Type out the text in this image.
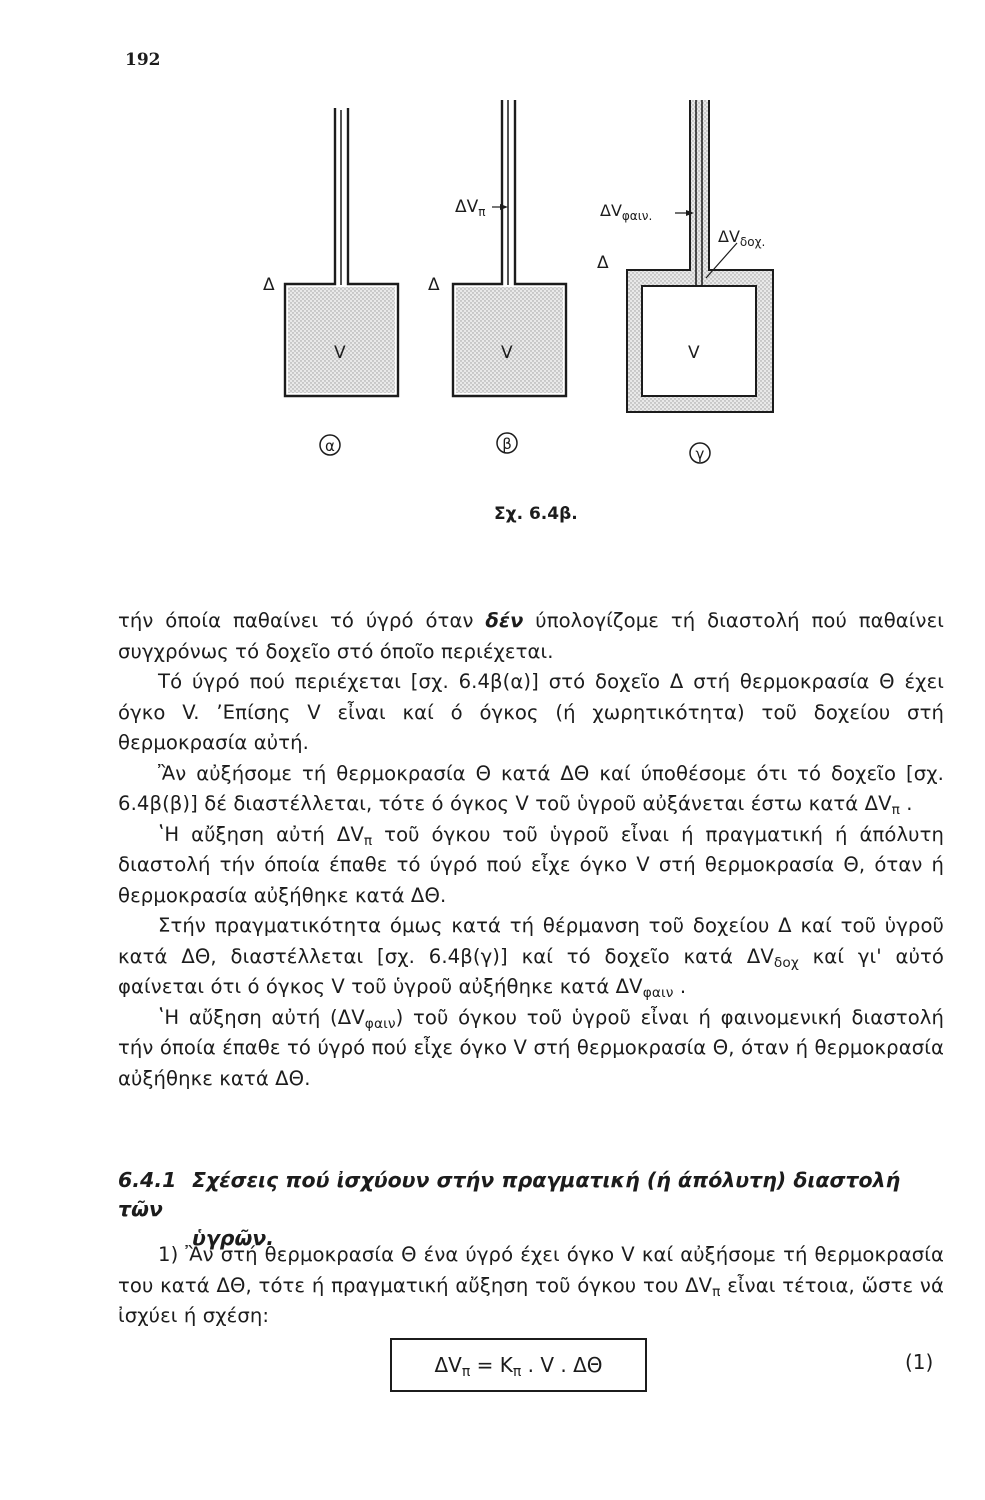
192
Δ
V
α
$\Delta V_\pi$
Δ
V
β
$\Delta V_{\varphi\alpha\iota\nu.}$
$\Delta V_{\delta o\chi.}$
Δ
V
γ
Σχ. 6.4β.

τήν όποία παθαίνει τό ύγρό όταν δέν ύπολογίζομε τή διαστολή πού παθαίνει συγχρόνως τό δοχεῖο στό όποῖο περιέχεται.

Τό ύγρό πού περιέχεται [σχ. 6.4β(α)] στό δοχεῖο Δ στή θερμοκρασία Θ έχει όγκο V. ʼΕπίσης V εἶναι καί ό όγκος (ή χωρητικότητα) τοῦ δοχείου στή θερμοκρασία αὐτή.

Ἂν αὐξήσομε τή θερμοκρασία Θ κατά ΔΘ καί ύποθέσομε ότι τό δοχεῖο [σχ. 6.4β(β)] δέ διαστέλλεται, τότε ό όγκος V τοῦ ὑγροῦ αὐξάνεται έστω κατά $\Delta V_\pi$ .

ʽΗ αὔξηση αὐτή $\Delta V_\pi$ τοῦ όγκου τοῦ ὑγροῦ εἶναι ή πραγματική ή άπόλυτη διαστολή τήν όποία έπαθε τό ύγρό πού εἶχε όγκο V στή θερμοκρασία Θ, όταν ή θερμοκρασία αὐξήθηκε κατά ΔΘ.

Στήν πραγματικότητα όμως κατά τή θέρμανση τοῦ δοχείου Δ καί τοῦ ὑγροῦ κατά ΔΘ, διαστέλλεται [σχ. 6.4β(γ)] καί τό δοχεῖο κατά $\Delta V_{\delta o\chi}$ καί γι' αὐτό φαίνεται ότι ό όγκος V τοῦ ὑγροῦ αὐξήθηκε κατά $\Delta V_{\varphi\alpha\iota\nu}$ .

ʽΗ αὔξηση αὐτή $(\Delta V_{\varphi\alpha\iota\nu})$ τοῦ όγκου τοῦ ὑγροῦ εἶναι ή φαινομενική διαστολή τήν όποία έπαθε τό ύγρό πού εἶχε όγκο V στή θερμοκρασία Θ, όταν ή θερμοκρασία αὐξήθηκε κατά ΔΘ.

6.4.1 Σχέσεις πού ἰσχύουν στήν πραγματική (ή άπόλυτη) διαστολή τῶν
ὑγρῶν.

1) Ἂν στή θερμοκρασία Θ ένα ύγρό έχει όγκο V καί αὐξήσομε τή θερμοκρασία του κατά ΔΘ, τότε ή πραγματική αὔξηση τοῦ όγκου του $\Delta V_\pi$ εἶναι τέτοια, ὥστε νά ἰσχύει ή σχέση:

$\Delta V_\pi = K_\pi$ . V . ΔΘ	(1)
